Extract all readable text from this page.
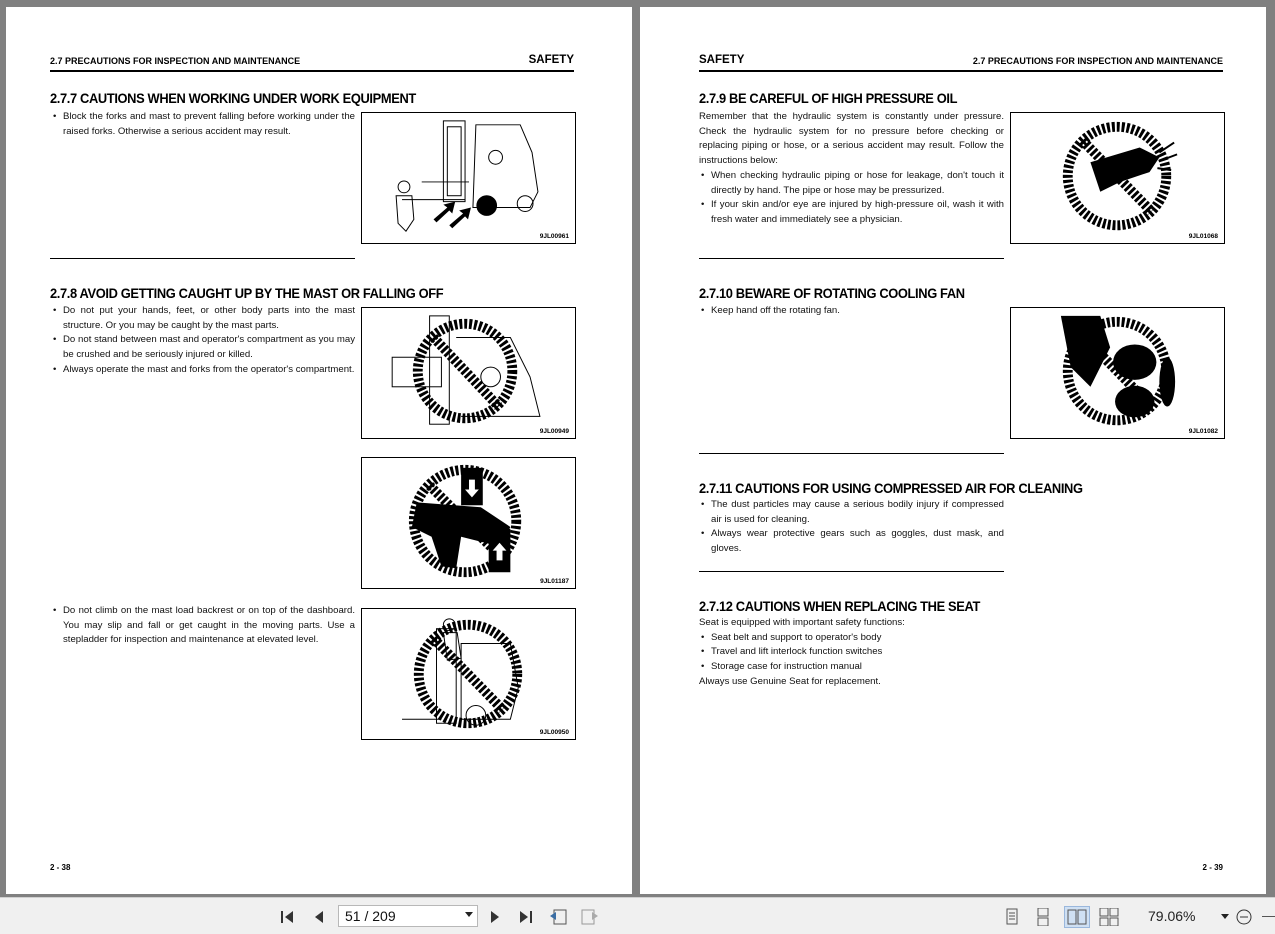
2.7 PRECAUTIONS FOR INSPECTION AND MAINTENANCE	SAFETY
2.7.7 CAUTIONS WHEN WORKING UNDER WORK EQUIPMENT
• Block the forks and mast to prevent falling before working under the raised forks. Otherwise a serious accident may result.
9JL00961
2.7.8 AVOID GETTING CAUGHT UP BY THE MAST OR FALLING OFF
• Do not put your hands, feet, or other body parts into the mast structure. Or you may be caught by the mast parts.
• Do not stand between mast and operator's compartment as you may be crushed and be seriously injured or killed.
• Always operate the mast and forks from the operator's compartment.
9JL00949
9JL01187
• Do not climb on the mast load backrest or on top of the dashboard. You may slip and fall or get caught in the moving parts. Use a stepladder for inspection and maintenance at elevated level.
9JL00950
2 - 38
SAFETY	2.7 PRECAUTIONS FOR INSPECTION AND MAINTENANCE
2.7.9 BE CAREFUL OF HIGH PRESSURE OIL

Remember that the hydraulic system is constantly under pressure. Check the hydraulic system for no pressure before checking or replacing piping or hose, or a serious accident may result. Follow the instructions below:

• When checking hydraulic piping or hose for leakage, don't touch it directly by hand. The pipe or hose may be pressurized.
• If your skin and/or eye are injured by high-pressure oil, wash it with fresh water and immediately see a physician.
9JL01068
2.7.10 BEWARE OF ROTATING COOLING FAN
• Keep hand off the rotating fan.
9JL01082
2.7.11 CAUTIONS FOR USING COMPRESSED AIR FOR CLEANING
• The dust particles may cause a serious bodily injury if compressed air is used for cleaning.
• Always wear protective gears such as goggles, dust mask, and gloves.
2.7.12 CAUTIONS WHEN REPLACING THE SEAT

Seat is equipped with important safety functions:

• Seat belt and support to operator's body
• Travel and lift interlock function switches
• Storage case for instruction manual

Always use Genuine Seat for replacement.

2 - 39
51 / 209	79.06%
